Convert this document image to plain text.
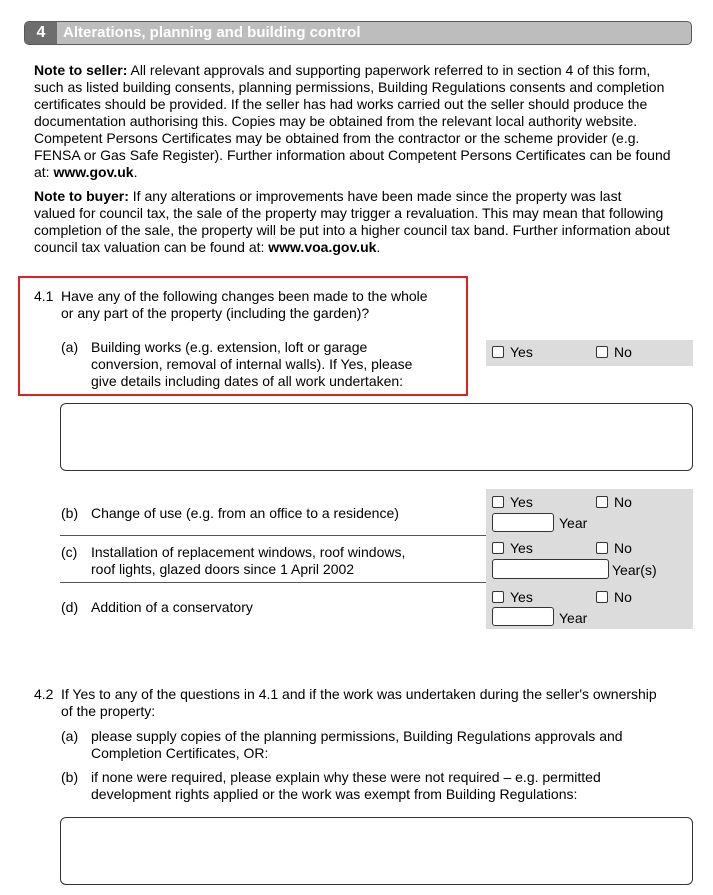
4	Alterations, planning and building control
Note to seller: All relevant approvals and supporting paperwork referred to in section 4 of this form,
such as listed building consents, planning permissions, Building Regulations consents and completion
certificates should be provided. If the seller has had works carried out the seller should produce the
documentation authorising this. Copies may be obtained from the relevant local authority website.
Competent Persons Certificates may be obtained from the contractor or the scheme provider (e.g.
FENSA or Gas Safe Register). Further information about Competent Persons Certificates can be found
at: www.gov.uk.
Note to buyer: If any alterations or improvements have been made since the property was last
valued for council tax, the sale of the property may trigger a revaluation. This may mean that following
completion of the sale, the property will be put into a higher council tax band. Further information about
council tax valuation can be found at: www.voa.gov.uk.
4.1 Have any of the following changes been made to the whole
or any part of the property (including the garden)?
(a) Building works (e.g. extension, loft or garage
conversion, removal of internal walls). If Yes, please
give details including dates of all work undertaken:
Yes	No
(b) Change of use (e.g. from an office to a residence)
Yes	No
Year
(c) Installation of replacement windows, roof windows,
roof lights, glazed doors since 1 April 2002
Yes	No
Year(s)
(d) Addition of a conservatory
Yes	No
Year
4.2 If Yes to any of the questions in 4.1 and if the work was undertaken during the seller's ownership
of the property:
(a) please supply copies of the planning permissions, Building Regulations approvals and
Completion Certificates, OR:
(b) if none were required, please explain why these were not required – e.g. permitted
development rights applied or the work was exempt from Building Regulations:
